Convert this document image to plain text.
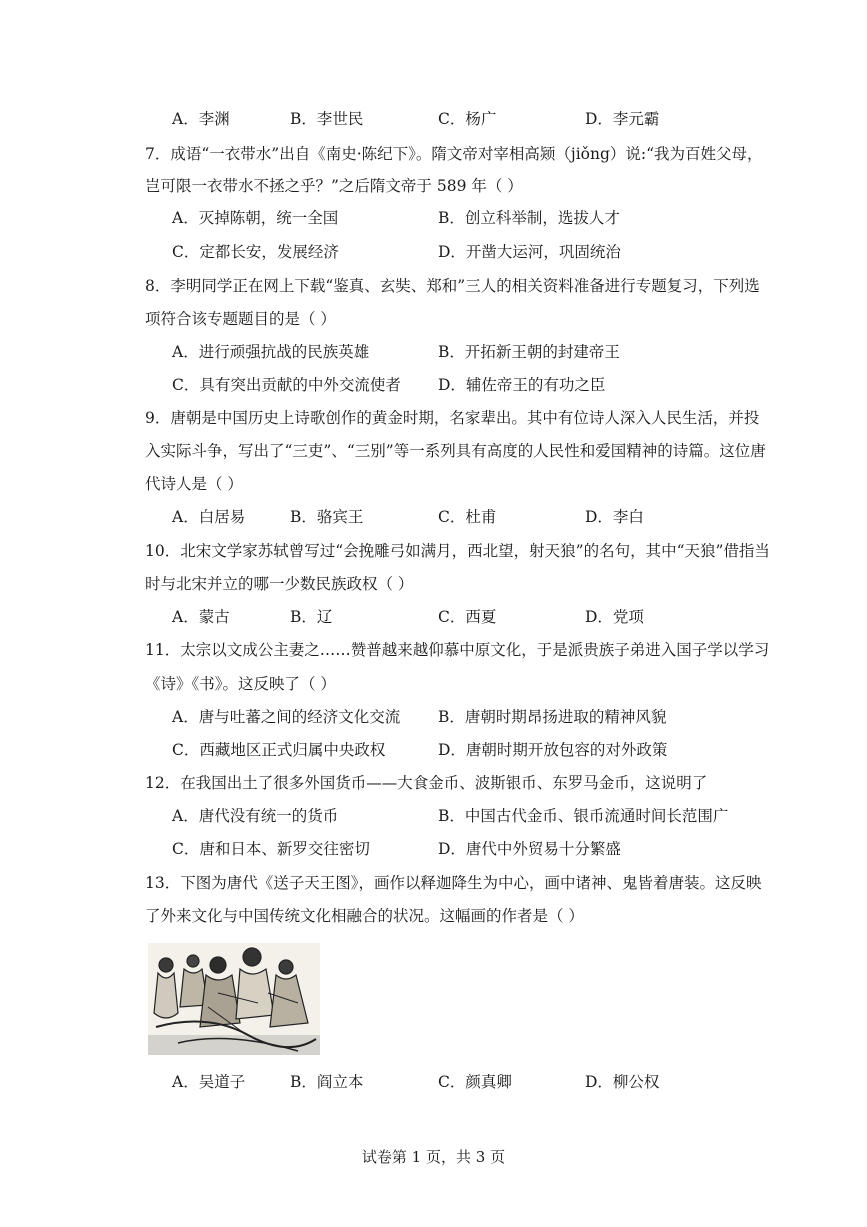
A．李渊	B．李世民	C．杨广	D．李元霸
7．成语“一衣带水”出自《南史·陈纪下》。隋文帝对宰相高颎（jiǒng）说:“我为百姓父母，
岂可限一衣带水不拯之乎？”之后隋文帝于 589 年（ ）
A．灭掉陈朝，统一全国	B．创立科举制，选拔人才
C．定都长安，发展经济	D．开凿大运河，巩固统治
8．李明同学正在网上下载“鉴真、玄奘、郑和”三人的相关资料准备进行专题复习，下列选
项符合该专题题目的是（ ）
A．进行顽强抗战的民族英雄	B．开拓新王朝的封建帝王
C．具有突出贡献的中外交流使者 D．辅佐帝王的有功之臣
9．唐朝是中国历史上诗歌创作的黄金时期，名家辈出。其中有位诗人深入人民生活，并投
入实际斗争，写出了“三吏”、“三别”等一系列具有高度的人民性和爱国精神的诗篇。这位唐
代诗人是（ ）
A．白居易	B．骆宾王	C．杜甫	D．李白
10．北宋文学家苏轼曾写过“会挽雕弓如满月，西北望，射天狼”的名句，其中“天狼”借指当
时与北宋并立的哪一少数民族政权（ ）
A．蒙古	B．辽	C．西夏	D．党项
11．太宗以文成公主妻之……赞普越来越仰慕中原文化，于是派贵族子弟进入国子学以学习
《诗》《书》。这反映了（ ）
A．唐与吐蕃之间的经济文化交流 B．唐朝时期昂扬进取的精神风貌
C．西藏地区正式归属中央政权	D．唐朝时期开放包容的对外政策
12．在我国出土了很多外国货币——大食金币、波斯银币、东罗马金币，这说明了
A．唐代没有统一的货币	B．中国古代金币、银币流通时间长范围广
C．唐和日本、新罗交往密切	D．唐代中外贸易十分繁盛
13．下图为唐代《送子天王图》，画作以释迦降生为中心，画中诸神、鬼皆着唐装。这反映
了外来文化与中国传统文化相融合的状况。这幅画的作者是（ ）
A．吴道子	B．阎立本	C．颜真卿	D．柳公权
试卷第 1 页，共 3 页
